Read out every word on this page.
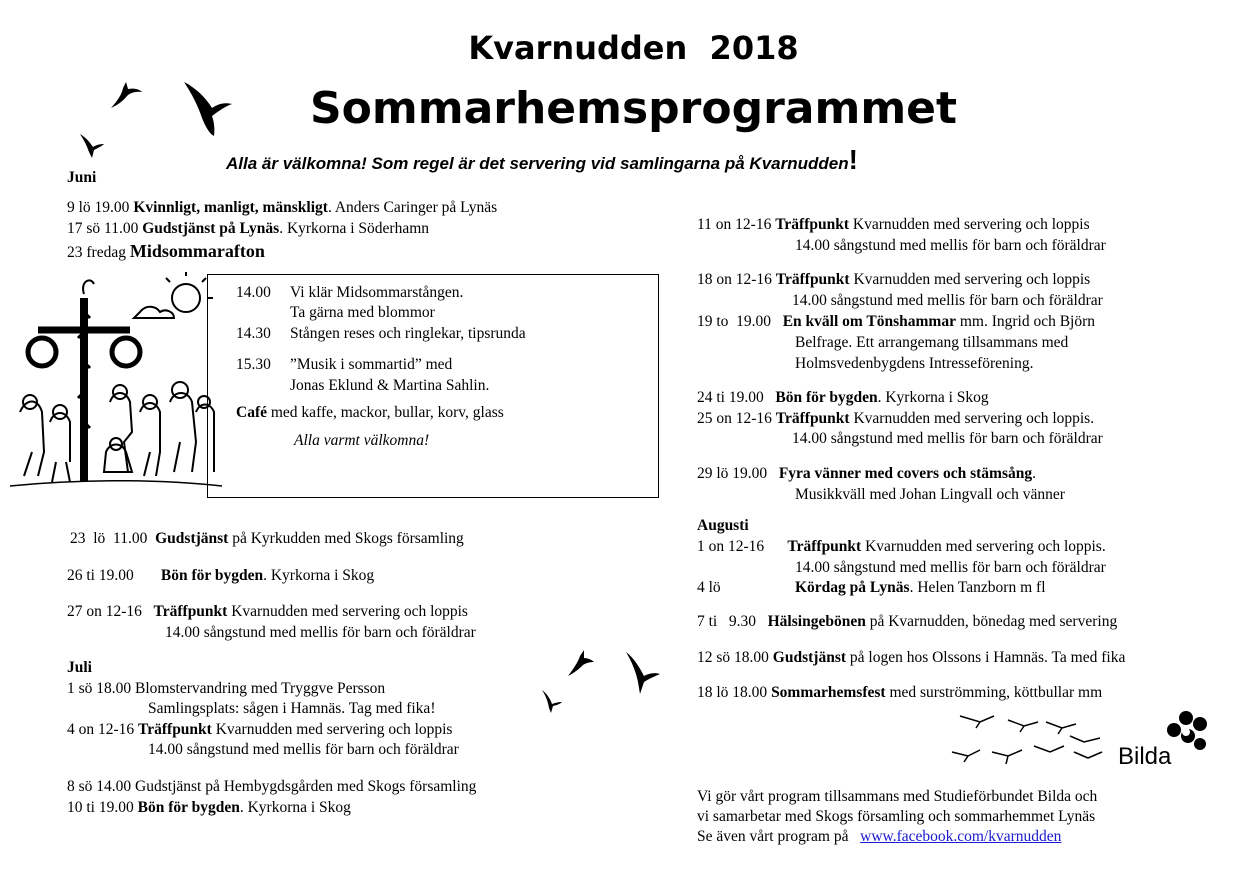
Kvarnudden  2018
Sommarhemsprogrammet
Alla är välkomna! Som regel är det servering vid samlingarna på Kvarnudden!
Juni
9 lö 19.00 Kvinnligt, manligt, mänskligt. Anders Caringer på Lynäs
17 sö 11.00 Gudstjänst på Lynäs. Kyrkorna i Söderhamn
23 fredag Midsommarafton
14.00 Vi klär Midsommarstången.
Ta gärna med blommor
14.30 Stången reses och ringlekar, tipsrunda
15.30 ”Musik i sommartid” med
Jonas Eklund & Martina Sahlin.
Café med kaffe, mackor, bullar, korv, glass
Alla varmt välkomna!
23  lö  11.00  Gudstjänst på Kyrkudden med Skogs församling
26 ti 19.00       Bön för bygden. Kyrkorna i Skog
27 on 12-16   Träffpunkt Kvarnudden med servering och loppis
14.00 sångstund med mellis för barn och föräldrar
Juli
1 sö 18.00 Blomstervandring med Tryggve Persson
Samlingsplats: sågen i Hamnäs. Tag med fika!
4 on 12-16 Träffpunkt Kvarnudden med servering och loppis
14.00 sångstund med mellis för barn och föräldrar
8 sö 14.00 Gudstjänst på Hembygdsgården med Skogs församling
10 ti 19.00 Bön för bygden. Kyrkorna i Skog
11 on 12-16 Träffpunkt Kvarnudden med servering och loppis
14.00 sångstund med mellis för barn och föräldrar
18 on 12-16 Träffpunkt Kvarnudden med servering och loppis
14.00 sångstund med mellis för barn och föräldrar
19 to  19.00   En kväll om Tönshammar mm. Ingrid och Björn
Belfrage. Ett arrangemang tillsammans med
Holmsvedenbygdens Intresseförening.
24 ti 19.00   Bön för bygden. Kyrkorna i Skog
25 on 12-16 Träffpunkt Kvarnudden med servering och loppis.
14.00 sångstund med mellis för barn och föräldrar
29 lö 19.00   Fyra vänner med covers och stämsång.
Musikkväll med Johan Lingvall och vänner
Augusti
1 on 12-16      Träffpunkt Kvarnudden med servering och loppis.
14.00 sångstund med mellis för barn och föräldrar
4 lö	Kördag på Lynäs. Helen Tanzborn m fl
7 ti   9.30   Hälsingebönen på Kvarnudden, bönedag med servering
12 sö 18.00 Gudstjänst på logen hos Olssons i Hamnäs. Ta med fika
18 lö 18.00 Sommarhemsfest med surströmming, köttbullar mm
Bilda
Vi gör vårt program tillsammans med Studieförbundet Bilda och
vi samarbetar med Skogs församling och sommarhemmet Lynäs
Se även vårt program på   www.facebook.com/kvarnudden
